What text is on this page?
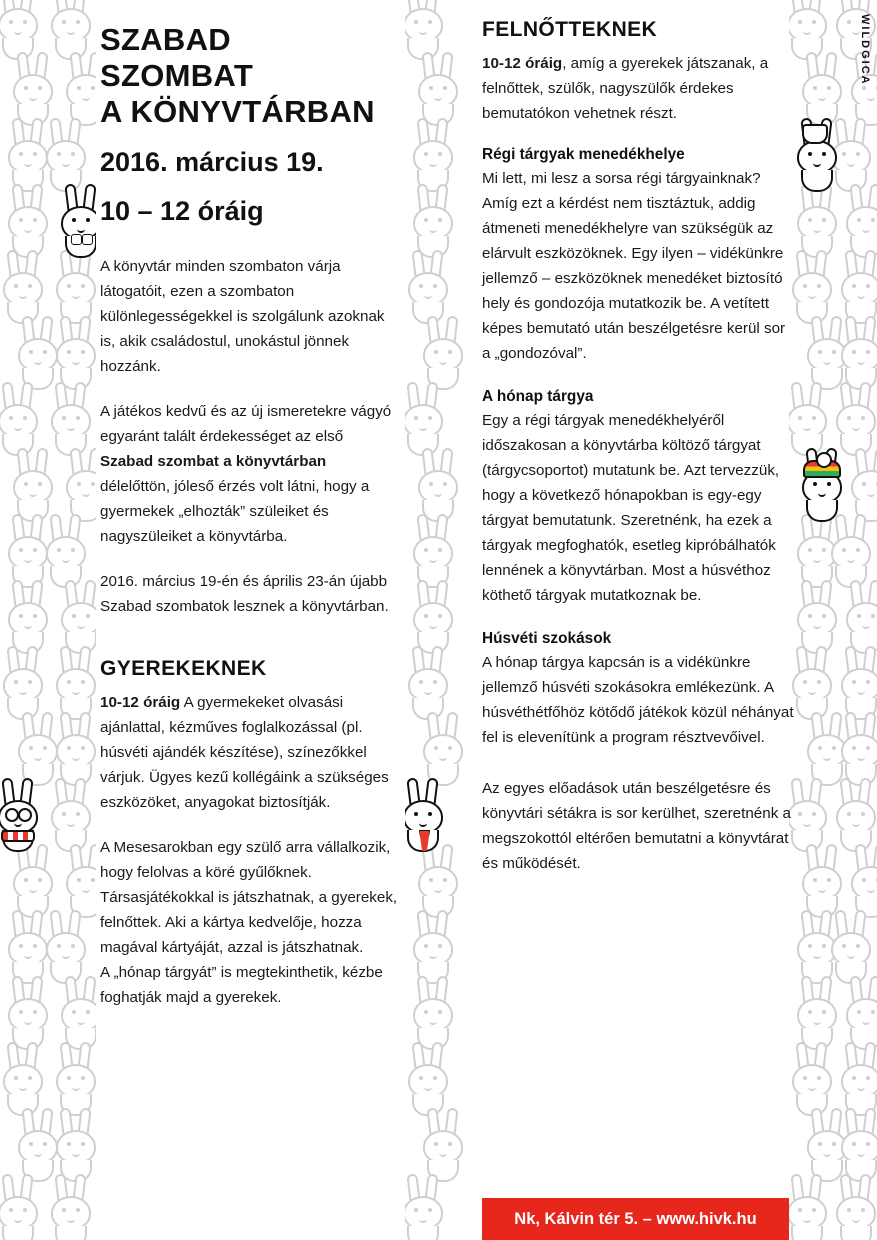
WILDGICA
SZABAD
SZOMBAT
A KÖNYVTÁRBAN
2016. március 19.
10 – 12 óráig

A könyvtár minden szombaton várja látogatóit, ezen a szombaton különlegességekkel is szolgálunk azoknak is, akik családostul, unokástul jönnek hozzánk.

A játékos kedvű és az új ismeretekre vágyó egyaránt talált érdekességet az első Szabad szombat a könyvtárban délelőttön, jóleső érzés volt látni, hogy a gyermekek „elhozták” szüleiket és nagyszüleiket a könyvtárba.

2016. március 19-én és április 23-án újabb Szabad szombatok lesznek a könyvtárban.

GYEREKEKNEK

10-12 óráig A gyermekeket olvasási ajánlattal, kézműves foglalkozással (pl. húsvéti ajándék készítése), színezőkkel várjuk. Ügyes kezű kollégáink a szükséges eszközöket, anyagokat biztosítják.

A Mesesarokban egy szülő arra vállalkozik, hogy felolvas a köré gyűlőknek.

Társasjátékokkal is játszhatnak, a gyerekek, felnőttek. Aki a kártya kedvelője, hozza magával kártyáját, azzal is játszhatnak.

A „hónap tárgyát” is megtekinthetik, kézbe foghatják majd a gyerekek.

FELNŐTTEKNEK

10-12 óráig, amíg a gyerekek játszanak, a felnőttek, szülők, nagyszülők érdekes bemutatókon vehetnek részt.

Régi tárgyak menedékhelye

Mi lett, mi lesz a sorsa régi tárgyainknak? Amíg ezt a kérdést nem tisztáztuk, addig átmeneti menedékhelyre van szükségük az elárvult eszközöknek. Egy ilyen – vidékünkre jellemző – eszközöknek menedéket biztosító hely és gondozója mutatkozik be. A vetített képes bemutató után beszélgetésre kerül sor a „gondozóval”.

A hónap tárgya

Egy a régi tárgyak menedékhelyéről időszakosan a könyvtárba költöző tárgyat (tárgycsoportot) mutatunk be. Azt tervezzük, hogy a következő hónapokban is egy-egy tárgyat bemutatunk. Szeretnénk, ha ezek a tárgyak megfoghatók, esetleg kipróbálhatók lennének a könyvtárban. Most a húsvéthoz köthető tárgyak mutatkoznak be.

Húsvéti szokások

A hónap tárgya kapcsán is a vidékünkre jellemző húsvéti szokásokra emlékezünk. A húsvéthétfőhöz kötődő játékok közül néhányat fel is elevenítünk a program résztvevőivel.

Az egyes előadások után beszélgetésre és könyvtári sétákra is sor kerülhet, szeretnénk a megszokottól eltérően bemutatni a könyvtárat és működését.

Nk, Kálvin tér 5. – www.hivk.hu
